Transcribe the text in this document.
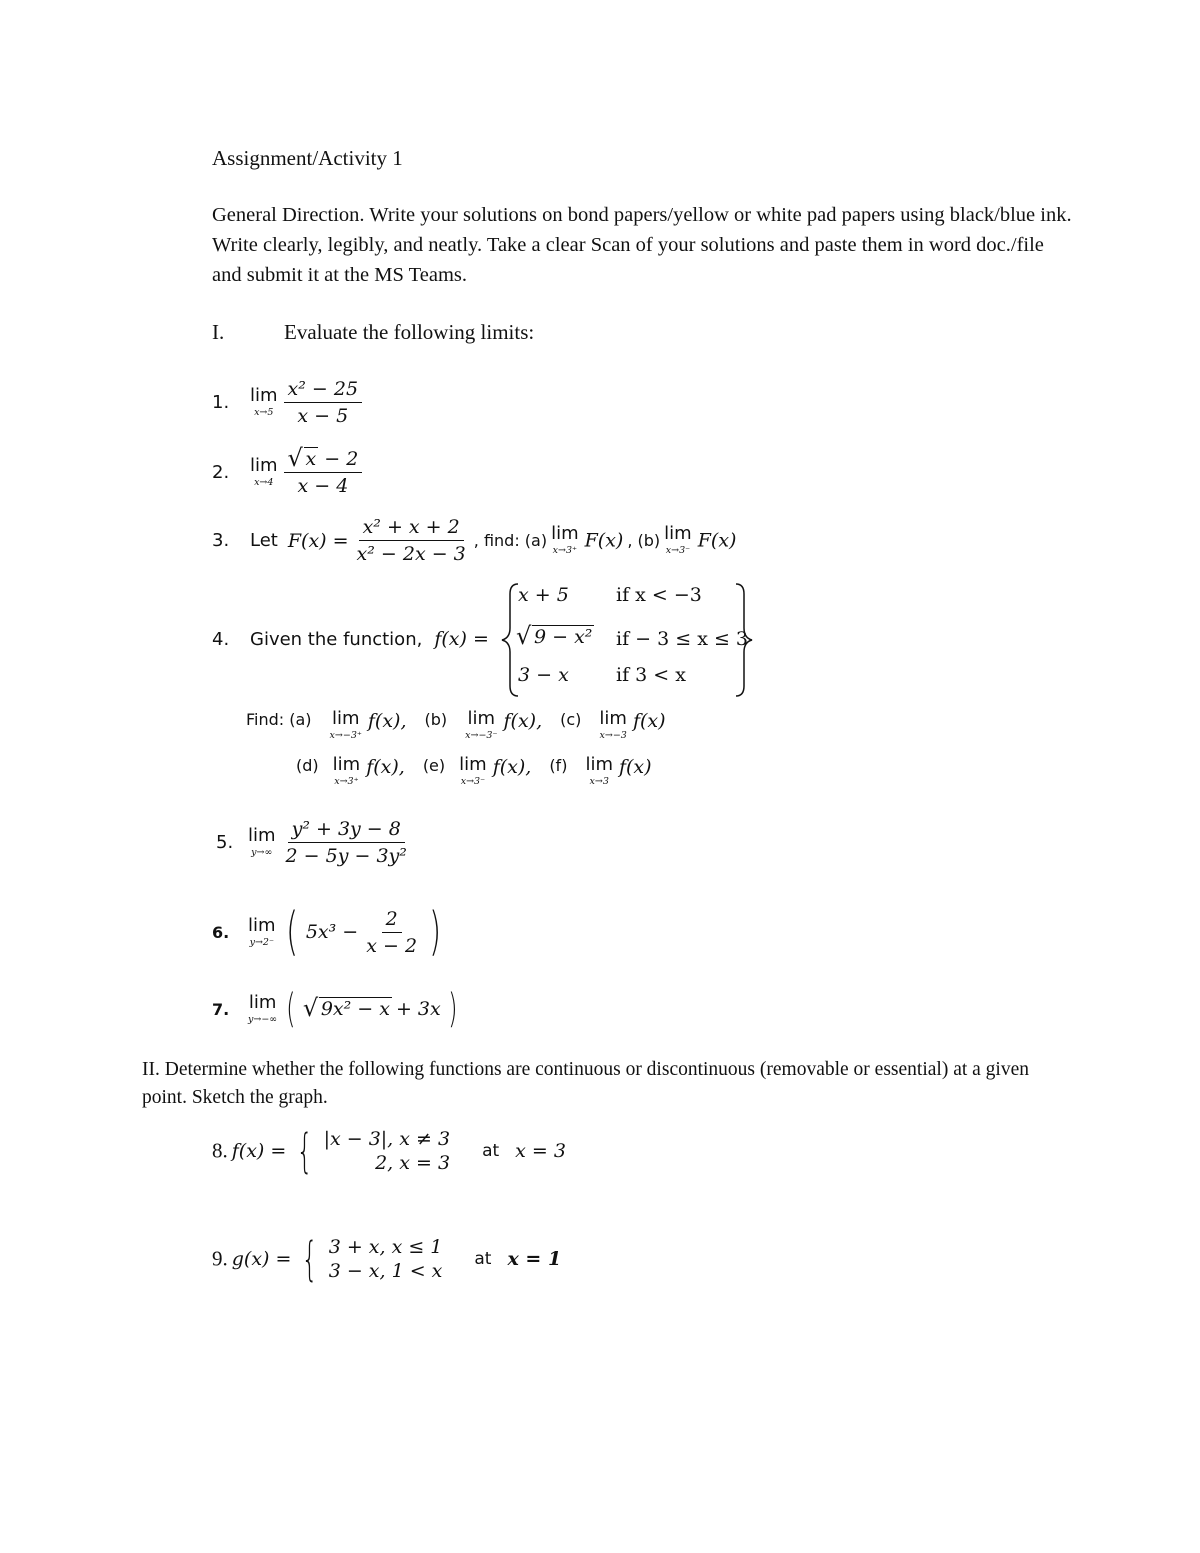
Assignment/Activity 1
General Direction. Write your solutions on bond papers/yellow or white pad papers using black/blue ink. Write clearly, legibly, and neatly. Take a clear Scan of your solutions and paste them in word doc./file and submit it at the MS Teams.
I.	Evaluate the following limits:
1. lim
x→5
$\frac{\text{x² − 25}}{x - 5}$
2. lim
x→4
$\frac{√ x - 2}{x - 4}$
3. Let $F(x) = \frac{\text{x² + x + 2}}{\text{x² − 2x − 3}}$ , find: (a) lim
x→3⁺ F(x) , (b) lim
x→3⁻ F(x)
4. Given the function, f(x) =
x + 5 if x < −3
√ 9 − x² if − 3 ≤ x ≤ 3
3 − x if 3 < x
Find: (a) lim
x→−3⁺
f(x), (b) lim
x→−3⁻
f(x), (c) lim
x→−3
f(x)
(d) lim
x→3⁺
f(x), (e) lim
x→3⁻
f(x), (f) lim
x→3
f(x)
5. lim
y→∞
$\frac{\text{y² + 3y − 8}}{\text{2 − 5y − 3y²}}$
6. lim
y→2⁻ ( $5x^3 - \frac{2}{x - 2}$ )
7. lim
y→−∞ ( √ 9x² − x + 3x )
II. Determine whether the following functions are continuous or discontinuous (removable or essential) at a given point. Sketch the graph.
8. f(x) = { |x − 3|, x ≠ 3
2, x = 3
at x = 3
9. g(x) = { 3 + x, x ≤ 1
3 − x, 1 < x
at x = 1
